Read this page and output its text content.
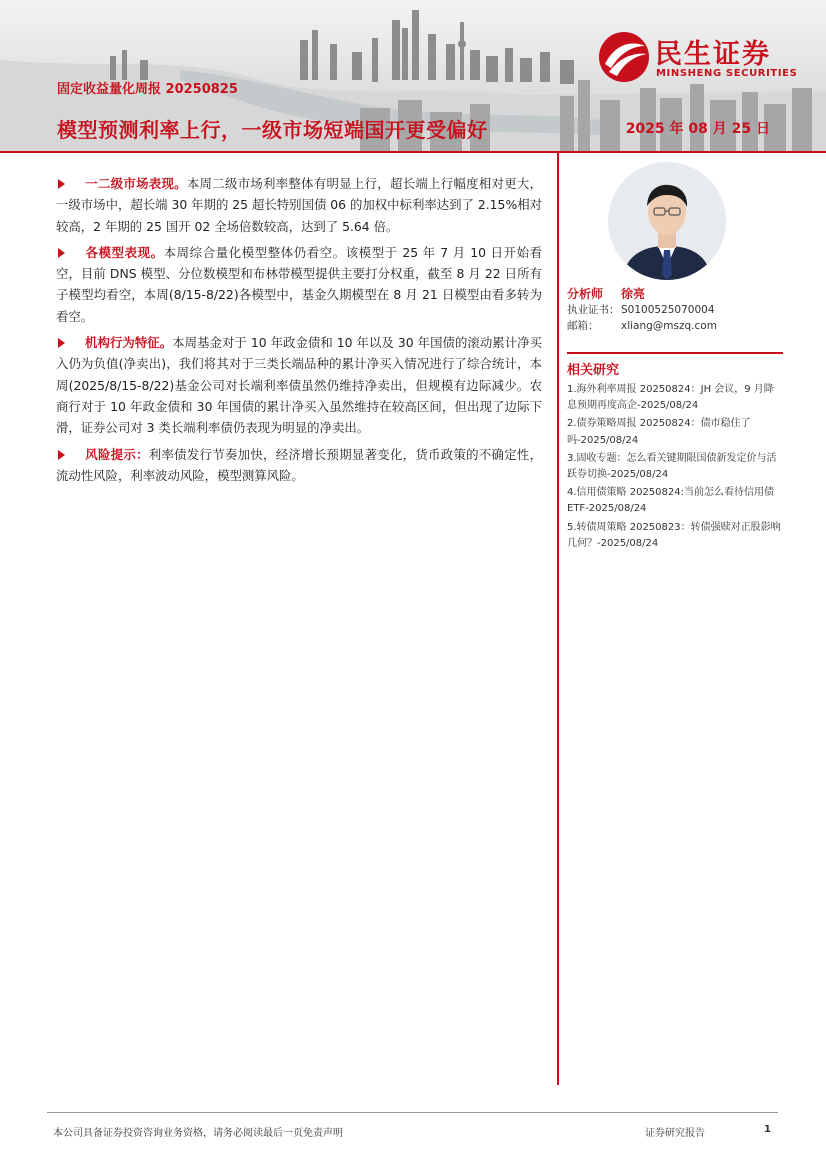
固定收益量化周报 20250825
模型预测利率上行，一级市场短端国开更受偏好	2025 年 08 月 25 日
民生证券
MINSHENG SECURITIES
一二级市场表现。本周二级市场利率整体有明显上行，超长端上行幅度相对更大，一级市场中，超长端 30 年期的 25 超长特别国债 06 的加权中标利率达到了 2.15%相对较高，2 年期的 25 国开 02 全场倍数较高，达到了 5.64 倍。
各模型表现。本周综合量化模型整体仍看空。该模型于 25 年 7 月 10 日开始看空，目前 DNS 模型、分位数模型和布林带模型提供主要打分权重，截至 8 月 22 日所有子模型均看空，本周(8/15-8/22)各模型中，基金久期模型在 8 月 21 日模型由看多转为看空。
机构行为特征。本周基金对于 10 年政金债和 10 年以及 30 年国债的滚动累计净买入仍为负值(净卖出)，我们将其对于三类长端品种的累计净买入情况进行了综合统计，本周(2025/8/15-8/22)基金公司对长端利率债虽然仍维持净卖出，但规模有边际减少。农商行对于 10 年政金债和 30 年国债的累计净买入虽然维持在较高区间，但出现了边际下滑，证券公司对 3 类长端利率债仍表现为明显的净卖出。
风险提示：利率债发行节奏加快，经济增长预期显著变化，货币政策的不确定性，流动性风险，利率波动风险，模型测算风险。
分析师 徐亮
执业证书： S0100525070004
邮箱： xliang@mszq.com
相关研究
1.海外利率周报 20250824：JH 会议，9 月降息预期再度高企-2025/08/24
2.债券策略周报 20250824：债市稳住了吗-2025/08/24
3.固收专题：怎么看关键期限国债新发定价与活跃券切换-2025/08/24
4.信用债策略 20250824:当前怎么看待信用债 ETF-2025/08/24
5.转债周策略 20250823：转债强赎对正股影响几何？-2025/08/24
本公司具备证券投资咨询业务资格，请务必阅读最后一页免责声明	证券研究报告	1
